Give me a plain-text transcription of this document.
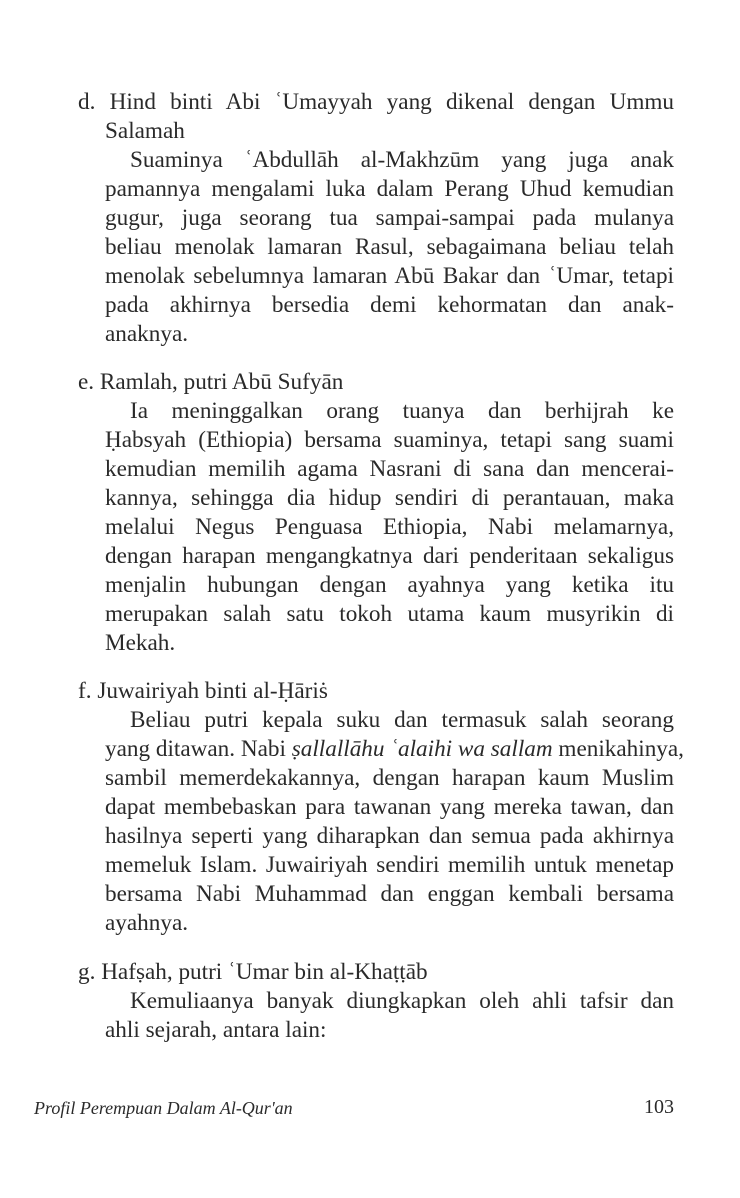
d. Hind binti Abi ʿUmayyah yang dikenal dengan Ummu
Salamah
Suaminya ʿAbdullāh al-Makhzūm yang juga anak
pamannya mengalami luka dalam Perang Uhud kemudian
gugur, juga seorang tua sampai-sampai pada mulanya
beliau menolak lamaran Rasul, sebagaimana beliau telah
menolak sebelumnya lamaran Abū Bakar dan ʿUmar, tetapi
pada akhirnya bersedia demi kehormatan dan anak-
anaknya.
e. Ramlah, putri Abū Sufyān
Ia meninggalkan orang tuanya dan berhijrah ke
Ḥabsyah (Ethiopia) bersama suaminya, tetapi sang suami
kemudian memilih agama Nasrani di sana dan mencerai-
kannya, sehingga dia hidup sendiri di perantauan, maka
melalui Negus Penguasa Ethiopia, Nabi melamarnya,
dengan harapan mengangkatnya dari penderitaan sekaligus
menjalin hubungan dengan ayahnya yang ketika itu
merupakan salah satu tokoh utama kaum musyrikin di
Mekah.
f. Juwairiyah binti al-Ḥāriṡ
Beliau putri kepala suku dan termasuk salah seorang
yang ditawan. Nabi ṣallallāhu ʿalaihi wa sallam menikahinya,
sambil memerdekakannya, dengan harapan kaum Muslim
dapat membebaskan para tawanan yang mereka tawan, dan
hasilnya seperti yang diharapkan dan semua pada akhirnya
memeluk Islam. Juwairiyah sendiri memilih untuk menetap
bersama Nabi Muhammad dan enggan kembali bersama
ayahnya.
g. Hafṣah, putri ʿUmar bin al-Khaṭṭāb
Kemuliaanya banyak diungkapkan oleh ahli tafsir dan
ahli sejarah, antara lain:
Profil Perempuan Dalam Al-Qur'an	103
